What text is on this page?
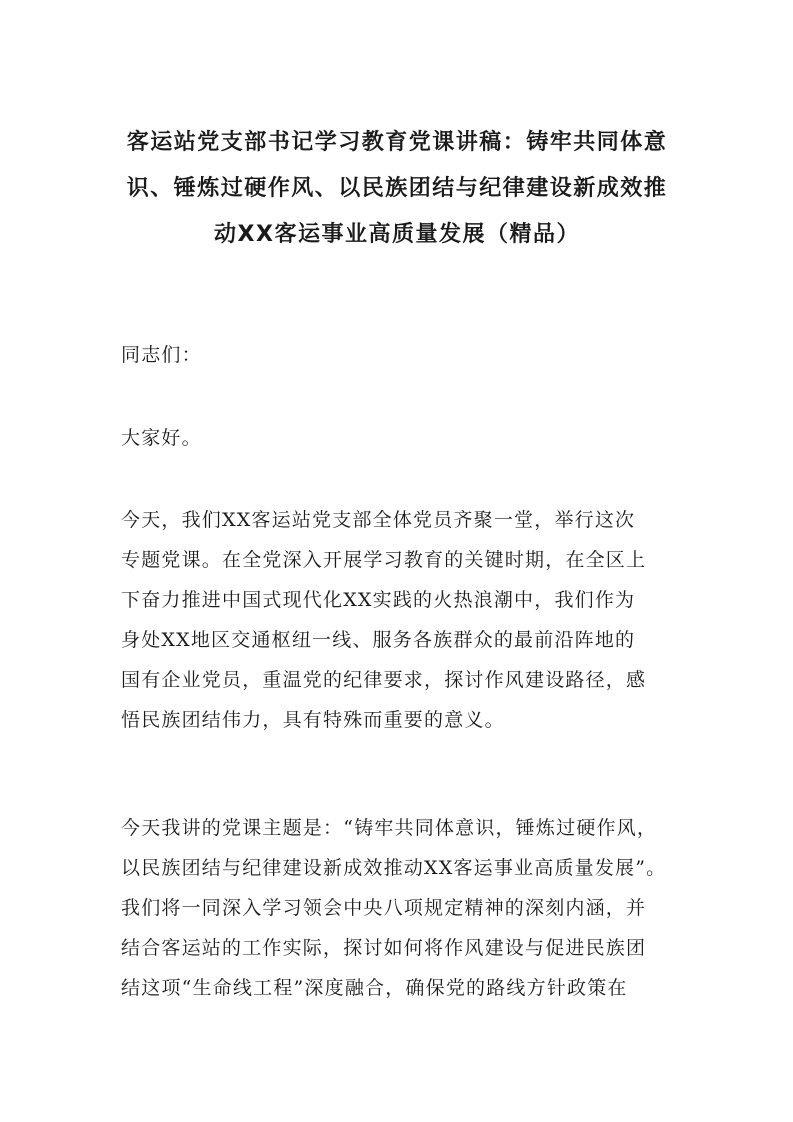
客运站党支部书记学习教育党课讲稿：铸牢共同体意
识、锤炼过硬作风、以民族团结与纪律建设新成效推
动XX客运事业高质量发展（精品）

同志们：

大家好。

今天，我们XX客运站党支部全体党员齐聚一堂，举行这次
专题党课。在全党深入开展学习教育的关键时期，在全区上
下奋力推进中国式现代化XX实践的火热浪潮中，我们作为
身处XX地区交通枢纽一线、服务各族群众的最前沿阵地的
国有企业党员，重温党的纪律要求，探讨作风建设路径，感
悟民族团结伟力，具有特殊而重要的意义。

今天我讲的党课主题是：“铸牢共同体意识，锤炼过硬作风，
以民族团结与纪律建设新成效推动XX客运事业高质量发展”。
我们将一同深入学习领会中央八项规定精神的深刻内涵，并
结合客运站的工作实际，探讨如何将作风建设与促进民族团
结这项“生命线工程”深度融合，确保党的路线方针政策在
